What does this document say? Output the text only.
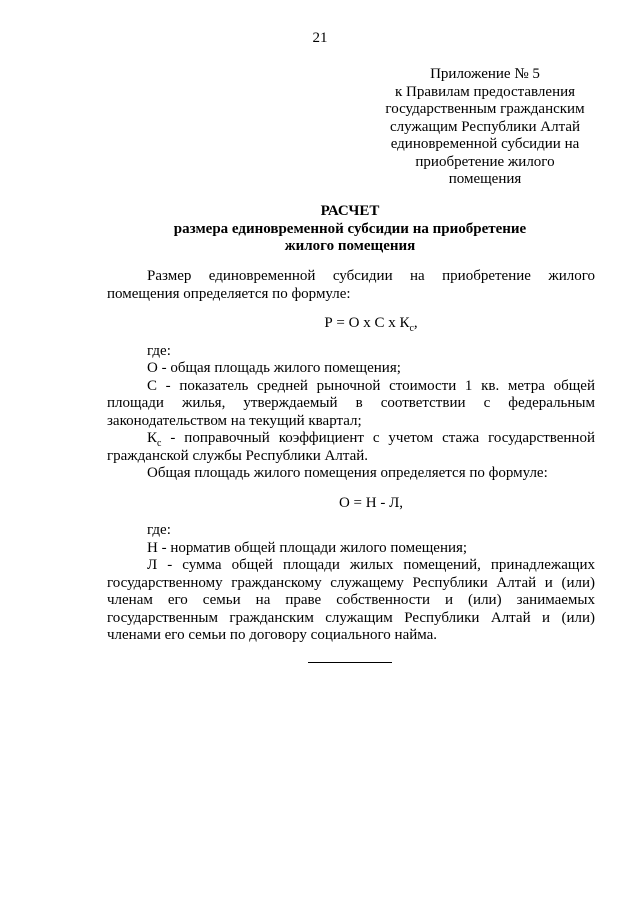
21
Приложение № 5
к Правилам предоставления
государственным гражданским
служащим Республики Алтай
единовременной субсидии на
приобретение жилого
помещения
РАСЧЕТ
размера единовременной субсидии на приобретение
жилого помещения

Размер единовременной субсидии на приобретение жилого помещения определяется по формуле:

Р = О х С х $К_с$,

где:

О - общая площадь жилого помещения;

С - показатель средней рыночной стоимости 1 кв. метра общей площади жилья, утверждаемый в соответствии с федеральным законодательством на текущий квартал;

$К_с$ - поправочный коэффициент с учетом стажа государственной гражданской службы Республики Алтай.

Общая площадь жилого помещения определяется по формуле:

О = Н - Л,

где:

Н - норматив общей площади жилого помещения;

Л - сумма общей площади жилых помещений, принадлежащих государственному гражданскому служащему Республики Алтай и (или) членам его семьи на праве собственности и (или) занимаемых государственным гражданским служащим Республики Алтай и (или) членами его семьи по договору социального найма.
